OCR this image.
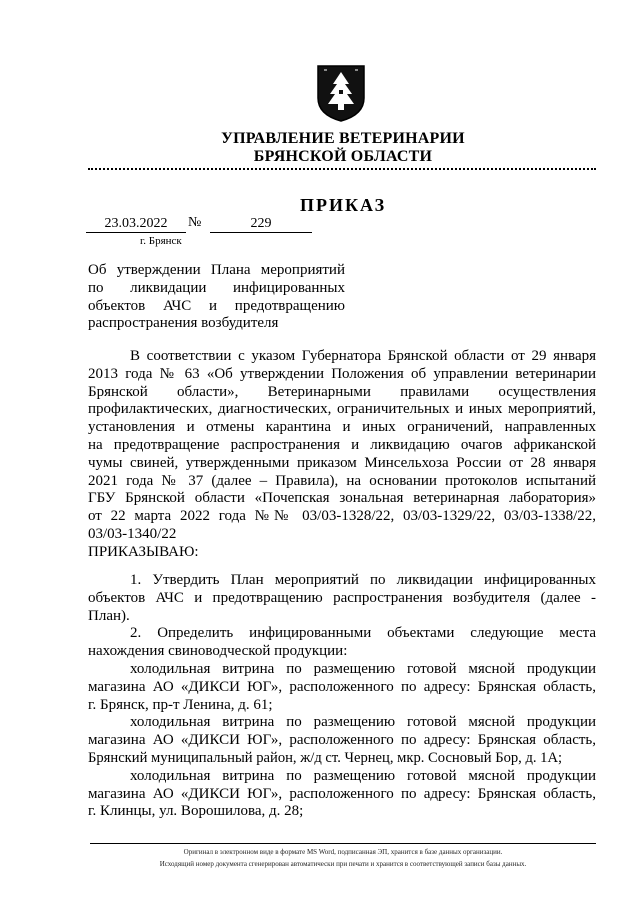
УПРАВЛЕНИЕ ВЕТЕРИНАРИИ
БРЯНСКОЙ ОБЛАСТИ
ПРИКАЗ
23.03.2022	№	229
г. Брянск
Об утверждении Плана мероприятий
по ликвидации инфицированных
объектов АЧС и предотвращению
распространения возбудителя
В соответствии с указом Губернатора Брянской области от 29 января
2013 года № 63 «Об утверждении Положения об управлении ветеринарии
Брянской области», Ветеринарными правилами осуществления
профилактических, диагностических, ограничительных и иных мероприятий,
установления и отмены карантина и иных ограничений, направленных
на предотвращение распространения и ликвидацию очагов африканской
чумы свиней, утвержденными приказом Минсельхоза России от 28 января
2021 года № 37 (далее – Правила), на основании протоколов испытаний
ГБУ Брянской области «Почепская зональная ветеринарная лаборатория»
от 22 марта 2022 года №№ 03/03-1328/22, 03/03-1329/22, 03/03-1338/22,
03/03-1340/22
ПРИКАЗЫВАЮ:
1. Утвердить План мероприятий по ликвидации инфицированных
объектов АЧС и предотвращению распространения возбудителя (далее -
План).
2. Определить инфицированными объектами следующие места
нахождения свиноводческой продукции:
холодильная витрина по размещению готовой мясной продукции
магазина АО «ДИКСИ ЮГ», расположенного по адресу: Брянская область,
г. Брянск, пр-т Ленина, д. 61;
холодильная витрина по размещению готовой мясной продукции
магазина АО «ДИКСИ ЮГ», расположенного по адресу: Брянская область,
Брянский муниципальный район, ж/д ст. Чернец, мкр. Сосновый Бор, д. 1А;
холодильная витрина по размещению готовой мясной продукции
магазина АО «ДИКСИ ЮГ», расположенного по адресу: Брянская область,
г. Клинцы, ул. Ворошилова, д. 28;
Оригинал в электронном виде в формате MS Word, подписанная ЭП, хранится в базе данных организации.
Исходящий номер документа сгенерирован автоматически при печати и хранится в соответствующей записи базы данных.
